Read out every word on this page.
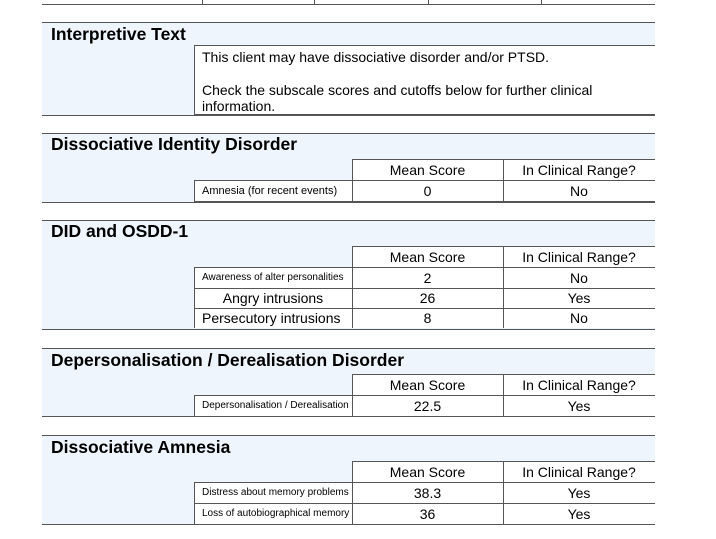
Interpretive Text
This client may have dissociative disorder and/or PTSD.
Check the subscale scores and cutoffs below for further clinical information.
Dissociative Identity Disorder
Mean Score	In Clinical Range?
Amnesia (for recent events)	0	No
DID and OSDD-1
Mean Score	In Clinical Range?
Awareness of alter personalities	2	No
Angry intrusions	26	Yes
Persecutory intrusions	8	No
Depersonalisation / Derealisation Disorder
Mean Score	In Clinical Range?
Depersonalisation / Derealisation	22.5	Yes
Dissociative Amnesia
Mean Score	In Clinical Range?
Distress about memory problems	38.3	Yes
Loss of autobiographical memory	36	Yes
